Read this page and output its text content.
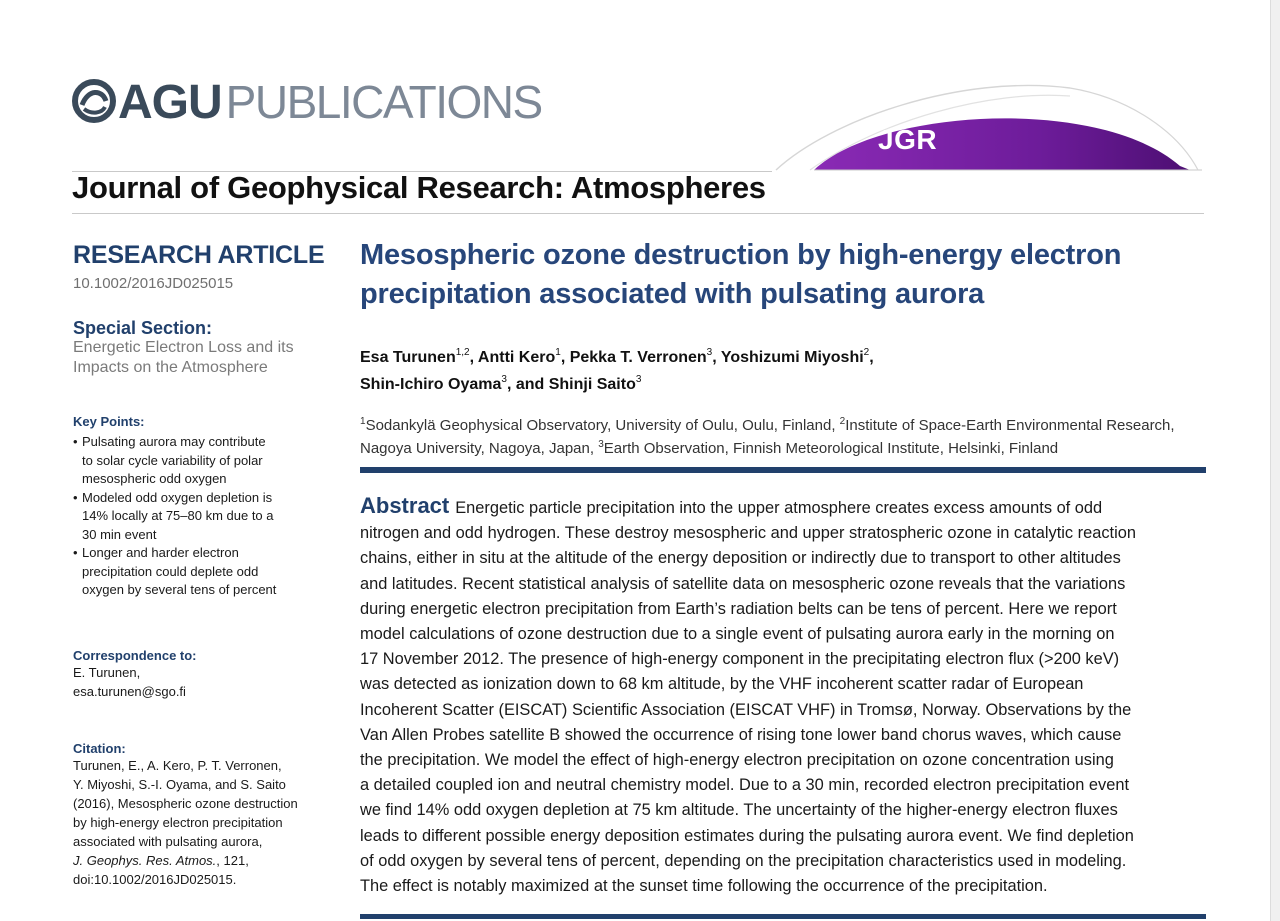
AGU PUBLICATIONS
JGR
Journal of Geophysical Research: Atmospheres
RESEARCH ARTICLE
10.1002/2016JD025015
Special Section:
Energetic Electron Loss and its
Impacts on the Atmosphere
Key Points:
• Pulsating aurora may contribute
to solar cycle variability of polar
mesospheric odd oxygen
• Modeled odd oxygen depletion is
14% locally at 75–80 km due to a
30 min event
• Longer and harder electron
precipitation could deplete odd
oxygen by several tens of percent
Correspondence to:
E. Turunen,
esa.turunen@sgo.fi
Citation:
Turunen, E., A. Kero, P. T. Verronen,
Y. Miyoshi, S.-I. Oyama, and S. Saito
(2016), Mesospheric ozone destruction
by high-energy electron precipitation
associated with pulsating aurora,
J. Geophys. Res. Atmos., 121,
doi:10.1002/2016JD025015.
Mesospheric ozone destruction by high-energy electron
precipitation associated with pulsating aurora
Esa Turunen$^{1,2}$, Antti Kero$^1$, Pekka T. Verronen$^3$, Yoshizumi Miyoshi$^2$,
Shin-Ichiro Oyama$^3$, and Shinji Saito$^3$
$^1$Sodankylä Geophysical Observatory, University of Oulu, Oulu, Finland, $^2$Institute of Space-Earth Environmental Research, Nagoya University, Nagoya, Japan, $^3$Earth Observation, Finnish Meteorological Institute, Helsinki, Finland
Abstract Energetic particle precipitation into the upper atmosphere creates excess amounts of odd
nitrogen and odd hydrogen. These destroy mesospheric and upper stratospheric ozone in catalytic reaction
chains, either in situ at the altitude of the energy deposition or indirectly due to transport to other altitudes
and latitudes. Recent statistical analysis of satellite data on mesospheric ozone reveals that the variations
during energetic electron precipitation from Earth’s radiation belts can be tens of percent. Here we report
model calculations of ozone destruction due to a single event of pulsating aurora early in the morning on
17 November 2012. The presence of high-energy component in the precipitating electron flux (>200 keV)
was detected as ionization down to 68 km altitude, by the VHF incoherent scatter radar of European
Incoherent Scatter (EISCAT) Scientific Association (EISCAT VHF) in Tromsø, Norway. Observations by the
Van Allen Probes satellite B showed the occurrence of rising tone lower band chorus waves, which cause
the precipitation. We model the effect of high-energy electron precipitation on ozone concentration using
a detailed coupled ion and neutral chemistry model. Due to a 30 min, recorded electron precipitation event
we find 14% odd oxygen depletion at 75 km altitude. The uncertainty of the higher-energy electron fluxes
leads to different possible energy deposition estimates during the pulsating aurora event. We find depletion
of odd oxygen by several tens of percent, depending on the precipitation characteristics used in modeling.
The effect is notably maximized at the sunset time following the occurrence of the precipitation.
